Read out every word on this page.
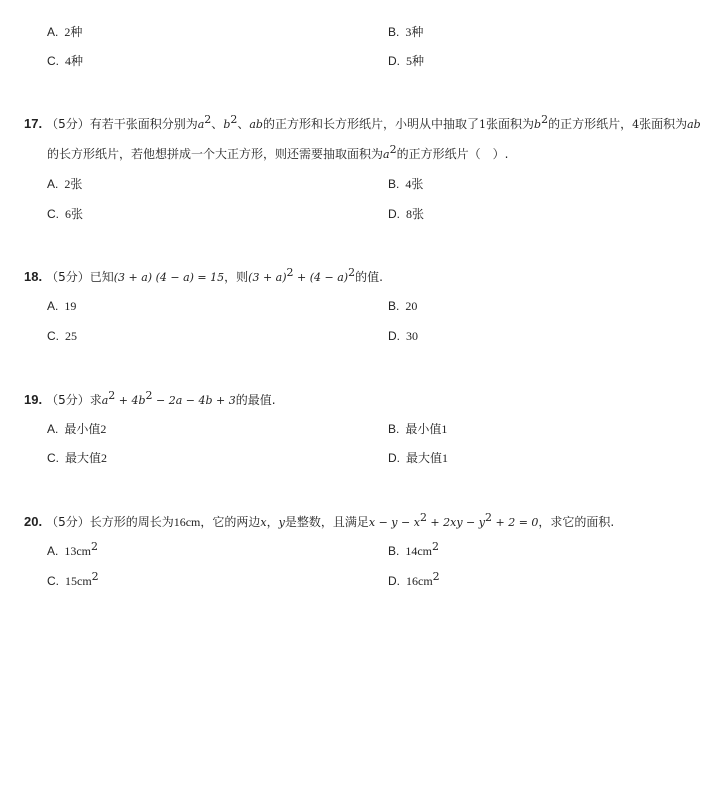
A. 2种	B. 3种
C. 4种	D. 5种
17. （5分）有若干张面积分别为$a^2$、$b^2$、ab的正方形和长方形纸片，小明从中抽取了1张面积为$b^2$的正方形纸片，4张面积为ab
的长方形纸片，若他想拼成一个大正方形，则还需要抽取面积为$a^2$的正方形纸片（　）.
A. 2张	B. 4张
C. 6张	D. 8张
18. （5分）已知(3 + a) (4 − a) = 15，则$(3 + a)^2 + (4 - a)^2$的值.
A. 19	B. 20
C. 25	D. 30
19. （5分）求$a^2 + 4b^2 - 2a - 4b + 3$的最值.
A. 最小值2	B. 最小值1
C. 最大值2	D. 最大值1
20. （5分）长方形的周长为16cm，它的两边x，y是整数，且满足$x - y - x^2 + 2xy - y^2 + 2 = 0$，求它的面积.
A. $13cm^2$	B. $14cm^2$
C. $15cm^2$	D. $16cm^2$
